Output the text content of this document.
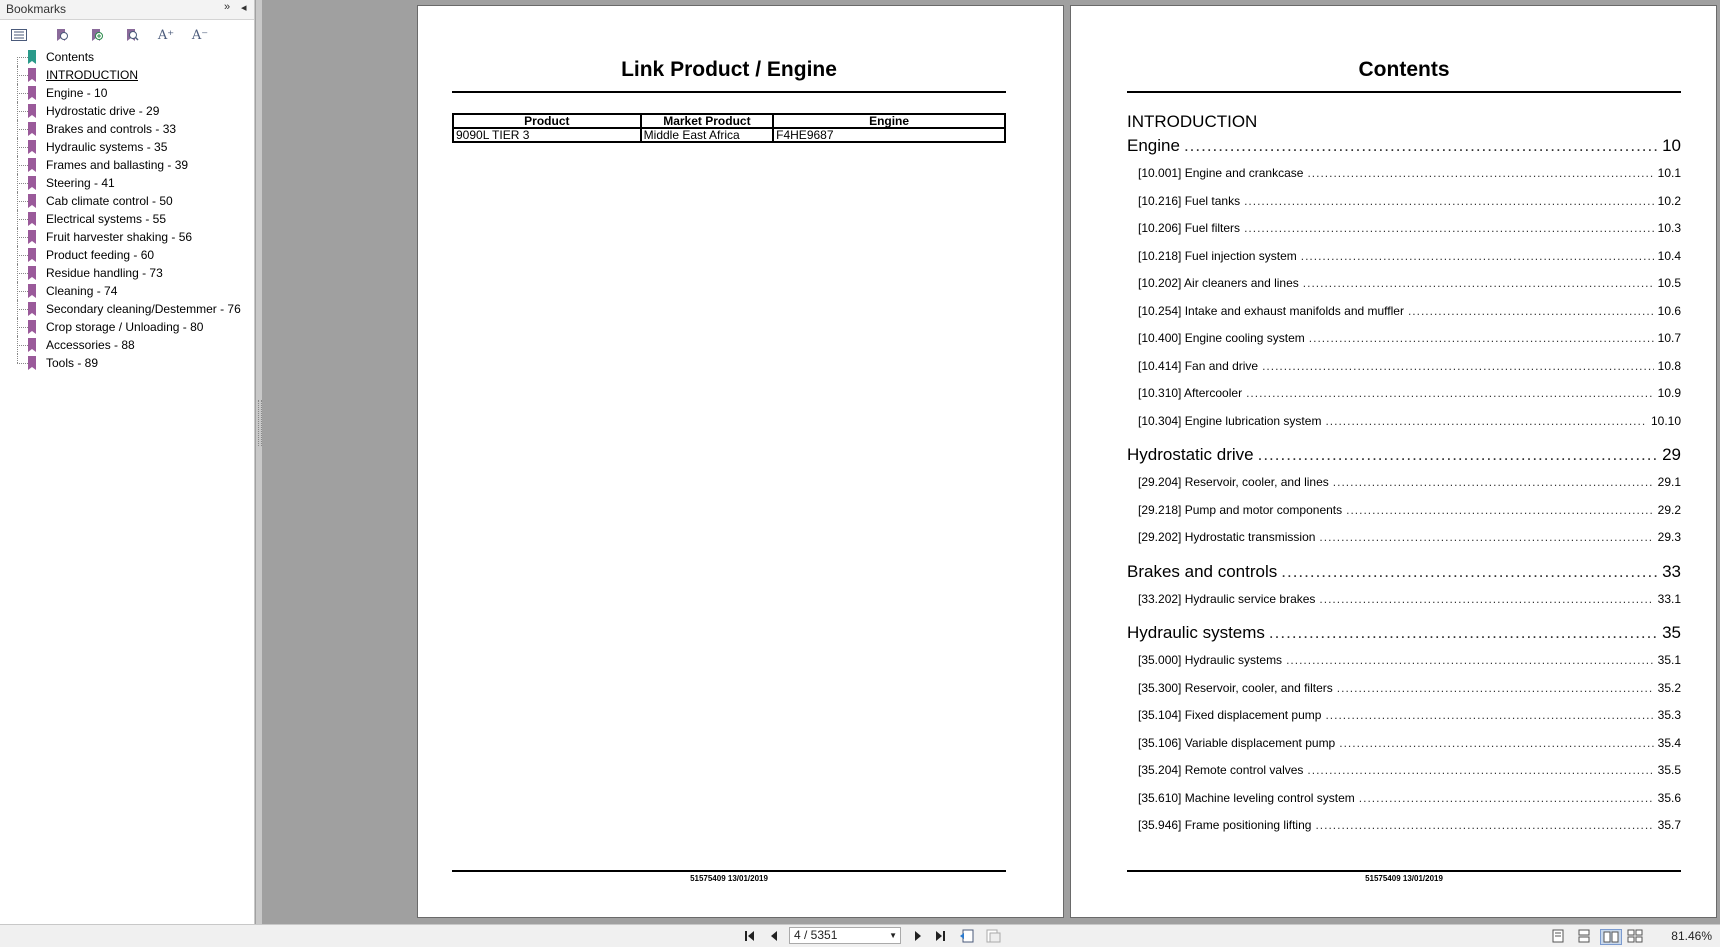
Bookmarks	» ◂
A⁺ A⁻
Contents
INTRODUCTION
Engine - 10
Hydrostatic drive - 29
Brakes and controls - 33
Hydraulic systems - 35
Frames and ballasting - 39
Steering - 41
Cab climate control - 50
Electrical systems - 55
Fruit harvester shaking - 56
Product feeding - 60
Residue handling - 73
Cleaning - 74
Secondary cleaning/Destemmer - 76
Crop storage / Unloading - 80
Accessories - 88
Tools - 89
Link Product / Engine
Product	Market Product	Engine
9090L TIER 3	Middle East Africa	F4HE9687
51575409 13/01/2019
Contents
INTRODUCTION
Engine .....	10
[10.001] Engine and crankcase .....	10.1
[10.216] Fuel tanks .....	10.2
[10.206] Fuel filters .....	10.3
[10.218] Fuel injection system .....	10.4
[10.202] Air cleaners and lines .....	10.5
[10.254] Intake and exhaust manifolds and muffler .....	10.6
[10.400] Engine cooling system .....	10.7
[10.414] Fan and drive .....	10.8
[10.310] Aftercooler .....	10.9
[10.304] Engine lubrication system .....	10.10
Hydrostatic drive .....	29
[29.204] Reservoir, cooler, and lines .....	29.1
[29.218] Pump and motor components .....	29.2
[29.202] Hydrostatic transmission .....	29.3
Brakes and controls .....	33
[33.202] Hydraulic service brakes .....	33.1
Hydraulic systems .....	35
[35.000] Hydraulic systems .....	35.1
[35.300] Reservoir, cooler, and filters .....	35.2
[35.104] Fixed displacement pump .....	35.3
[35.106] Variable displacement pump .....	35.4
[35.204] Remote control valves .....	35.5
[35.610] Machine leveling control system .....	35.6
[35.946] Frame positioning lifting .....	35.7
51575409 13/01/2019
4 / 5351	▼	81.46%
